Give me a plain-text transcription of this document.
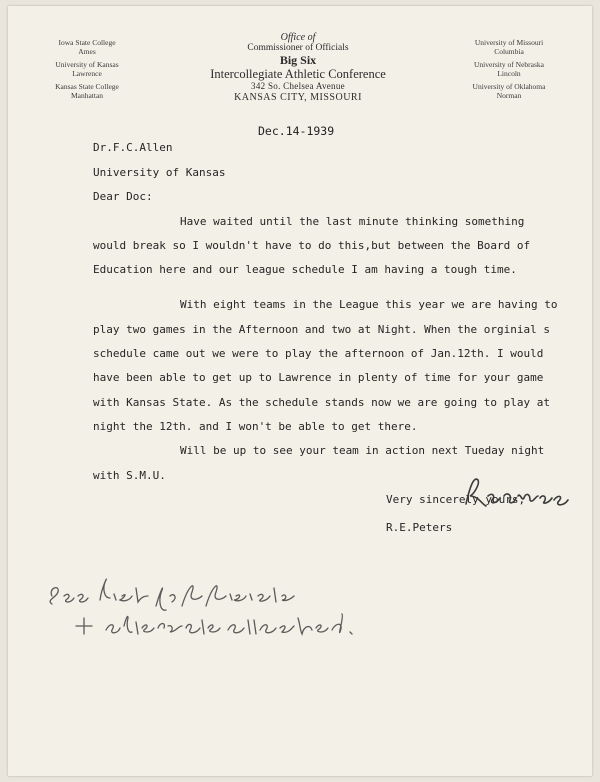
Iowa State College
Ames
University of Kansas
Lawrence
Kansas State College
Manhattan
Office of
Commissioner of Officials
Big Six
Intercollegiate Athletic Conference
342 So. Chelsea Avenue
KANSAS CITY, MISSOURI
University of Missouri
Columbia
University of Nebraska
Lincoln
University of Oklahoma
Norman
Dec.14-1939
Dr.F.C.Allen
University of Kansas
Dear Doc:
Have waited until the last minute thinking something
would break so I wouldn't have to do this,but between the Board of
Education here and our league schedule I am having a tough time.
With eight teams in the League this year we are having to
play two games in the Afternoon and two at Night. When the orginial s
schedule came out we were to play the afternoon of Jan.12th. I would
have been able to get up to Lawrence in plenty of time for your game
with Kansas State. As the schedule stands now we are going to play at
night the 12th. and I won't be able to get there.
Will be up to see your team in action next Tueday night
with S.M.U.
Very sincerely yours,
R.E.Peters
